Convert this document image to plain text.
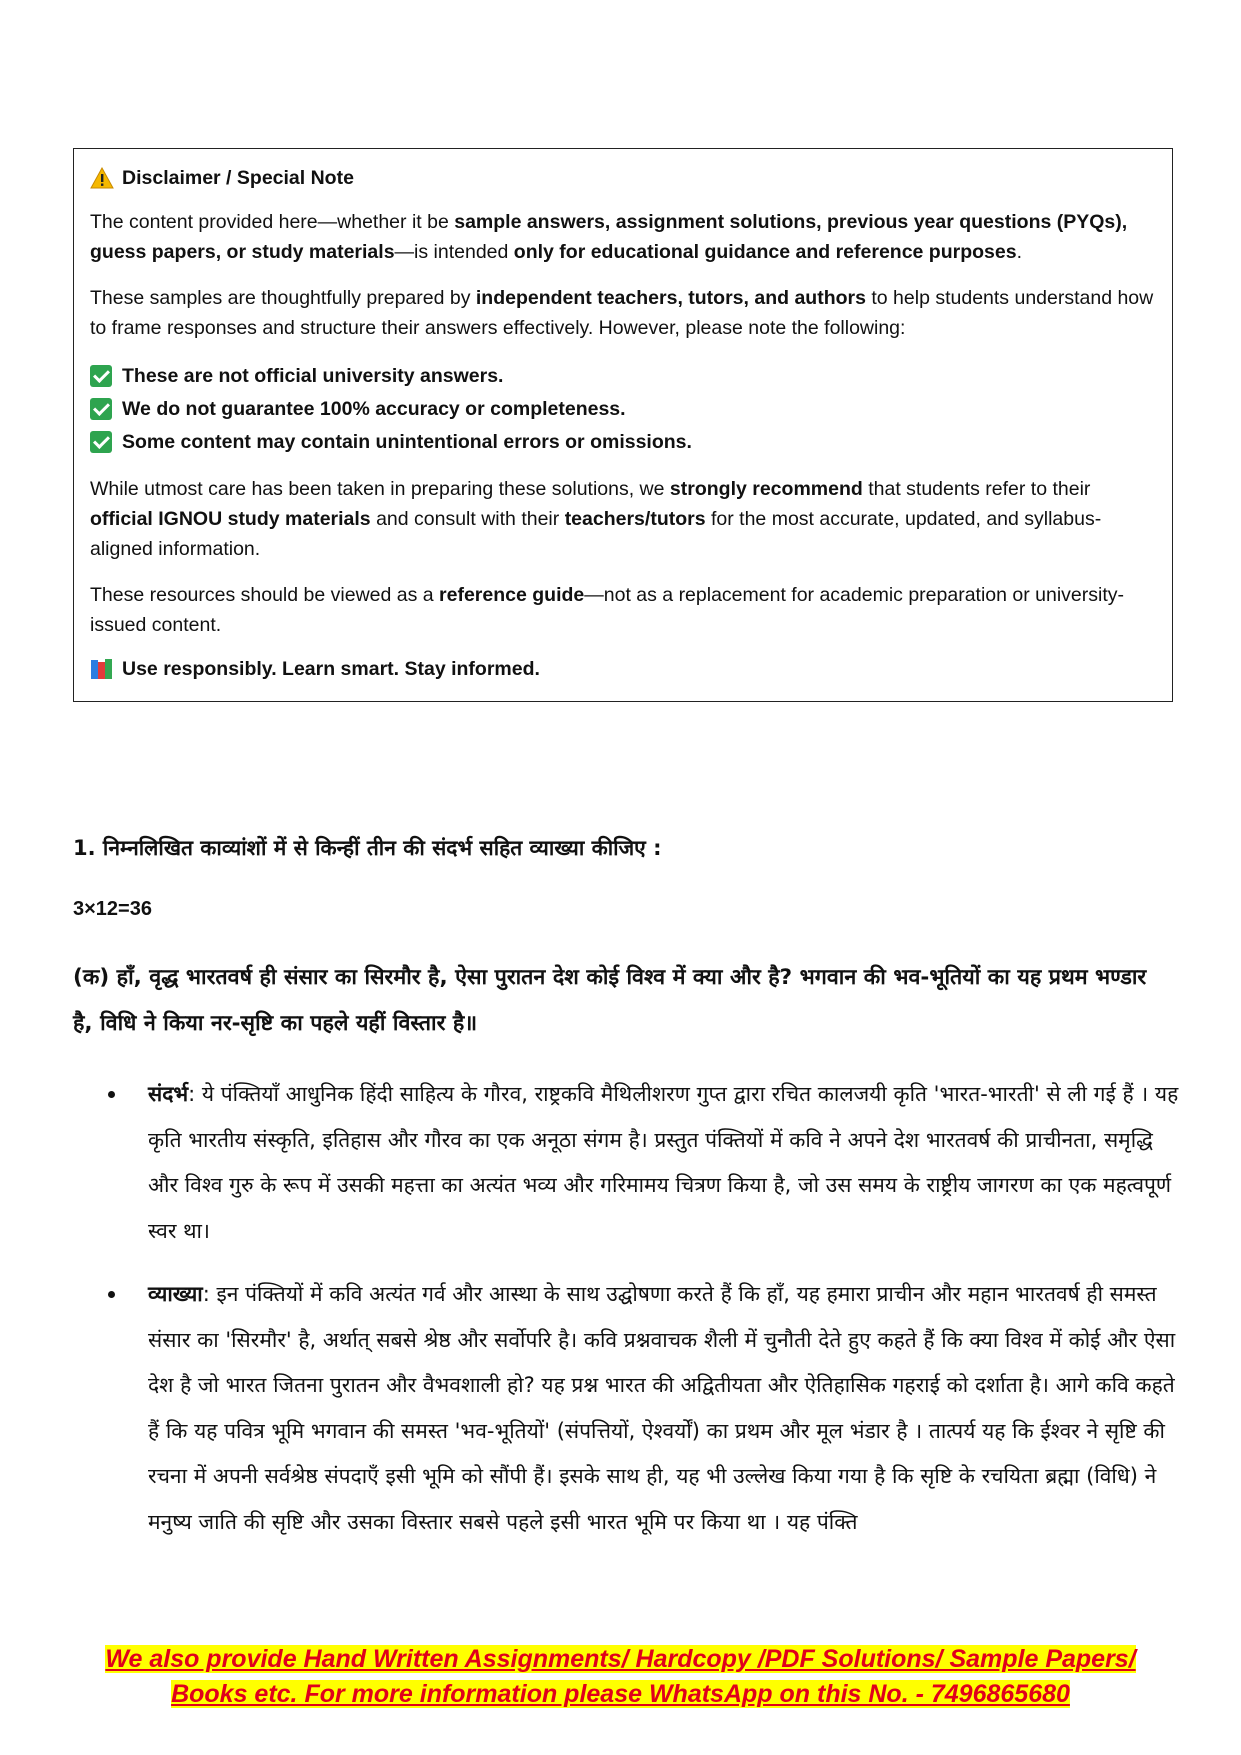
Disclaimer / Special Note

The content provided here—whether it be sample answers, assignment solutions, previous year questions (PYQs), guess papers, or study materials—is intended only for educational guidance and reference purposes.

These samples are thoughtfully prepared by independent teachers, tutors, and authors to help students understand how to frame responses and structure their answers effectively. However, please note the following:

These are not official university answers.
We do not guarantee 100% accuracy or completeness.
Some content may contain unintentional errors or omissions.

While utmost care has been taken in preparing these solutions, we strongly recommend that students refer to their official IGNOU study materials and consult with their teachers/tutors for the most accurate, updated, and syllabus-aligned information.

These resources should be viewed as a reference guide—not as a replacement for academic preparation or university-issued content.

Use responsibly. Learn smart. Stay informed.

1. निम्नलिखित काव्यांशों में से किन्हीं तीन की संदर्भ सहित व्याख्या कीजिए :
3×12=36
(क) हाँ, वृद्ध भारतवर्ष ही संसार का सिरमौर है, ऐसा पुरातन देश कोई विश्व में क्या और है? भगवान की भव-भूतियों का यह प्रथम भण्डार है, विधि ने किया नर-सृष्टि का पहले यहीं विस्तार है॥
संदर्भ: ये पंक्तियाँ आधुनिक हिंदी साहित्य के गौरव, राष्ट्रकवि मैथिलीशरण गुप्त द्वारा रचित कालजयी कृति 'भारत-भारती' से ली गई हैं । यह कृति भारतीय संस्कृति, इतिहास और गौरव का एक अनूठा संगम है। प्रस्तुत पंक्तियों में कवि ने अपने देश भारतवर्ष की प्राचीनता, समृद्धि और विश्व गुरु के रूप में उसकी महत्ता का अत्यंत भव्य और गरिमामय चित्रण किया है, जो उस समय के राष्ट्रीय जागरण का एक महत्वपूर्ण स्वर था।
व्याख्या: इन पंक्तियों में कवि अत्यंत गर्व और आस्था के साथ उद्घोषणा करते हैं कि हाँ, यह हमारा प्राचीन और महान भारतवर्ष ही समस्त संसार का 'सिरमौर' है, अर्थात् सबसे श्रेष्ठ और सर्वोपरि है। कवि प्रश्नवाचक शैली में चुनौती देते हुए कहते हैं कि क्या विश्व में कोई और ऐसा देश है जो भारत जितना पुरातन और वैभवशाली हो? यह प्रश्न भारत की अद्वितीयता और ऐतिहासिक गहराई को दर्शाता है। आगे कवि कहते हैं कि यह पवित्र भूमि भगवान की समस्त 'भव-भूतियों' (संपत्तियों, ऐश्वर्यों) का प्रथम और मूल भंडार है । तात्पर्य यह कि ईश्वर ने सृष्टि की रचना में अपनी सर्वश्रेष्ठ संपदाएँ इसी भूमि को सौंपी हैं। इसके साथ ही, यह भी उल्लेख किया गया है कि सृष्टि के रचयिता ब्रह्मा (विधि) ने मनुष्य जाति की सृष्टि और उसका विस्तार सबसे पहले इसी भारत भूमि पर किया था । यह पंक्ति
We also provide Hand Written Assignments/ Hardcopy /PDF Solutions/ Sample Papers/
Books etc. For more information please WhatsApp on this No. - 7496865680
